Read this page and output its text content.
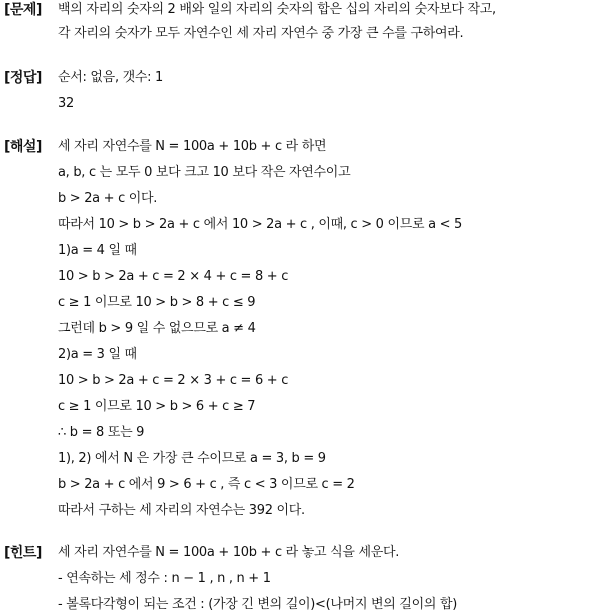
[문제] 백의 자리의 숫자의 2 배와 일의 자리의 숫자의 합은 십의 자리의 숫자보다 작고,
각 자리의 숫자가 모두 자연수인 세 자리 자연수 중 가장 큰 수를 구하여라.
[정답] 순서: 없음, 갯수: 1
32
[해설] 세 자리 자연수를 N = 100a + 10b + c 라 하면
a, b, c 는 모두 0 보다 크고 10 보다 작은 자연수이고
b > 2a + c 이다.
따라서 10 > b > 2a + c 에서 10 > 2a + c , 이때, c > 0 이므로 a < 5
1)a = 4 일 때
10 > b > 2a + c = 2 × 4 + c = 8 + c
c ≥ 1 이므로 10 > b > 8 + c ≤ 9
그런데 b > 9 일 수 없으므로 a ≠ 4
2)a = 3 일 때
10 > b > 2a + c = 2 × 3 + c = 6 + c
c ≥ 1 이므로 10 > b > 6 + c ≥ 7
∴ b = 8 또는 9
1), 2) 에서 N 은 가장 큰 수이므로 a = 3, b = 9
b > 2a + c 에서 9 > 6 + c , 즉 c < 3 이므로 c = 2
따라서 구하는 세 자리의 자연수는 392 이다.
[힌트] 세 자리 자연수를 N = 100a + 10b + c 라 놓고 식을 세운다.
- 연속하는 세 정수 : n − 1 , n , n + 1
- 볼록다각형이 되는 조건 : (가장 긴 변의 길이)<(나머지 변의 길이의 합)
